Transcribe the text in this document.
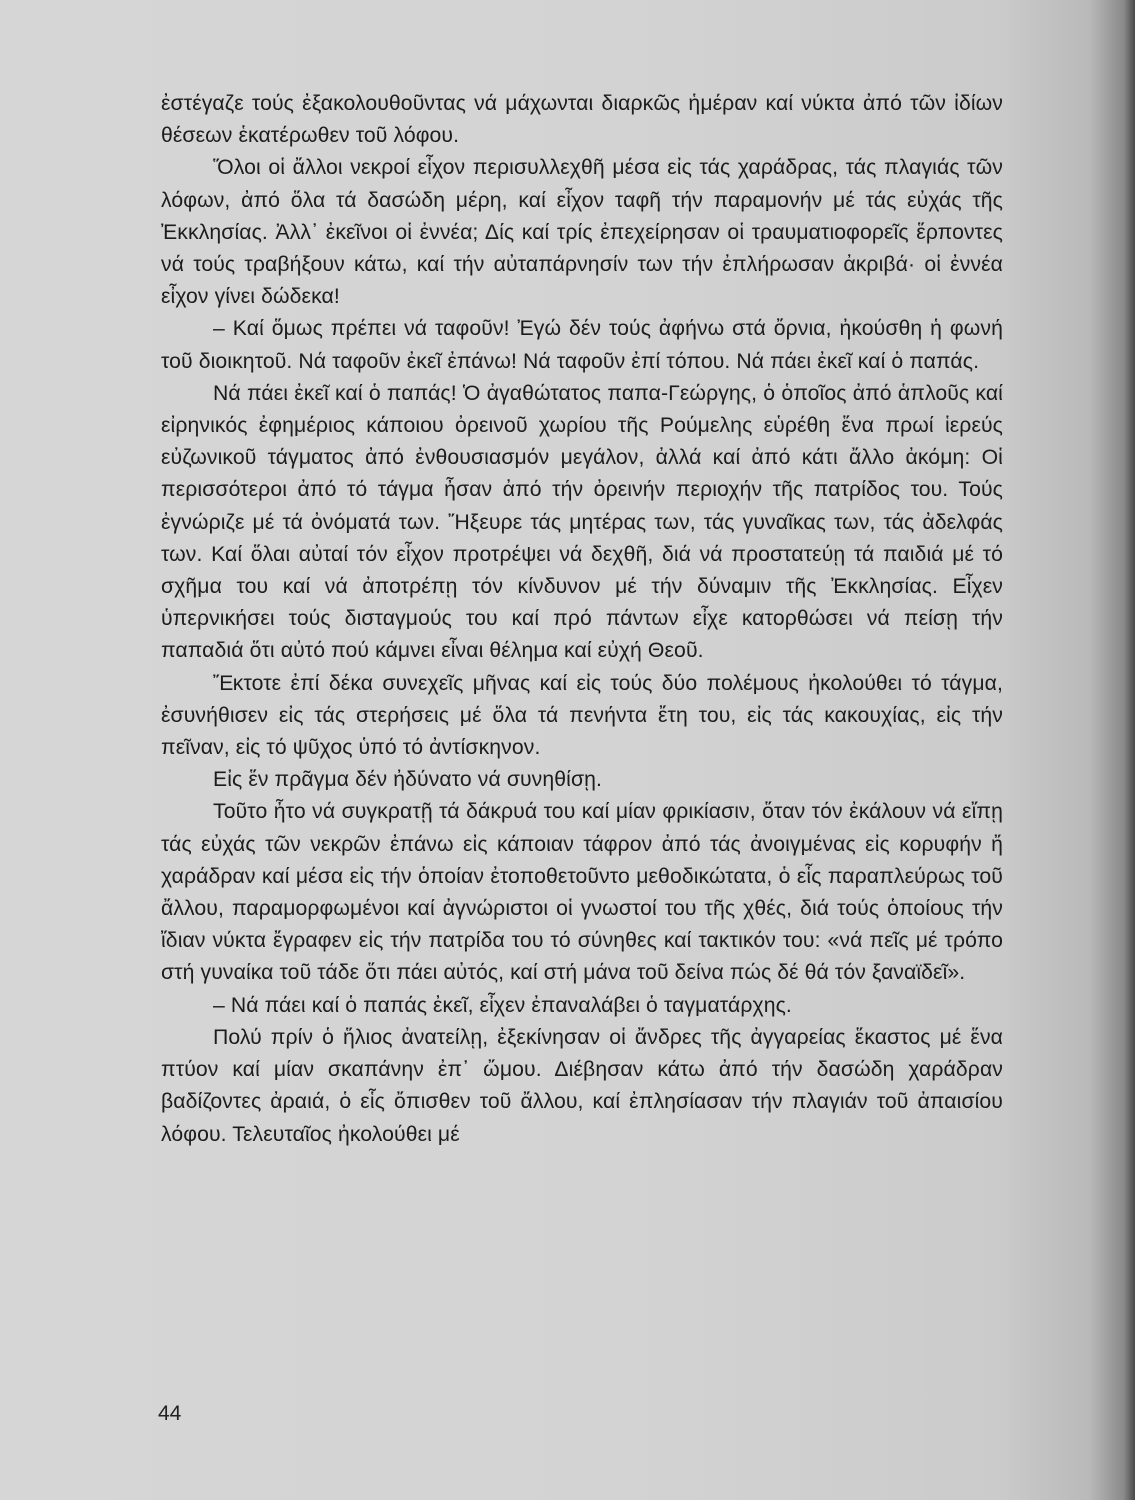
ἐστέγαζε τούς ἐξακολουθοῦντας νά μάχωνται διαρκῶς ἡμέραν καί νύκτα ἀπό τῶν ἰδίων θέσεων ἑκατέρωθεν τοῦ λόφου.

Ὅλοι οἱ ἄλλοι νεκροί εἶχον περισυλλεχθῆ μέσα εἰς τάς χαράδρας, τάς πλαγιάς τῶν λόφων, ἀπό ὅλα τά δασώδη μέρη, καί εἶχον ταφῆ τήν παραμονήν μέ τάς εὐχάς τῆς Ἐκκλησίας. Ἀλλ᾽ ἐκεῖνοι οἱ ἐννέα; Δίς καί τρίς ἐπεχείρησαν οἱ τραυματιοφορεῖς ἕρποντες νά τούς τραβήξουν κάτω, καί τήν αὐταπάρνησίν των τήν ἐπλήρωσαν ἀκριβά· οἱ ἐννέα εἶχον γίνει δώδεκα!

– Καί ὅμως πρέπει νά ταφοῦν! Ἐγώ δέν τούς ἀφήνω στά ὄρνια, ἠκούσθη ἡ φωνή τοῦ διοικητοῦ. Νά ταφοῦν ἐκεῖ ἐπάνω! Νά ταφοῦν ἐπί τόπου. Νά πάει ἐκεῖ καί ὁ παπάς.

Νά πάει ἐκεῖ καί ὁ παπάς! Ὁ ἀγαθώτατος παπα-Γεώργης, ὁ ὁποῖος ἀπό ἁπλοῦς καί εἰρηνικός ἐφημέριος κάποιου ὀρεινοῦ χωρίου τῆς Ρούμελης εὑρέθη ἕνα πρωί ἱερεύς εὐζωνικοῦ τάγματος ἀπό ἐνθουσιασμόν μεγάλον, ἀλλά καί ἀπό κάτι ἄλλο ἀκόμη: Οἱ περισσότεροι ἀπό τό τάγμα ἦσαν ἀπό τήν ὀρεινήν περιοχήν τῆς πατρίδος του. Τούς ἐγνώριζε μέ τά ὀνόματά των. Ἤξευρε τάς μητέρας των, τάς γυναῖκας των, τάς ἀδελφάς των. Καί ὅλαι αὐταί τόν εἶχον προτρέψει νά δεχθῆ, διά νά προστατεύῃ τά παιδιά μέ τό σχῆμα του καί νά ἀποτρέπῃ τόν κίνδυνον μέ τήν δύναμιν τῆς Ἐκκλησίας. Εἶχεν ὑπερνικήσει τούς δισταγμούς του καί πρό πάντων εἶχε κατορθώσει νά πείσῃ τήν παπαδιά ὅτι αὐτό πού κάμνει εἶναι θέλημα καί εὐχή Θεοῦ.

Ἔκτοτε ἐπί δέκα συνεχεῖς μῆνας καί εἰς τούς δύο πολέμους ἠκολούθει τό τάγμα, ἐσυνήθισεν εἰς τάς στερήσεις μέ ὅλα τά πενήντα ἔτη του, εἰς τάς κακουχίας, εἰς τήν πεῖναν, εἰς τό ψῦχος ὑπό τό ἀντίσκηνον.

Εἰς ἕν πρᾶγμα δέν ἠδύνατο νά συνηθίσῃ.

Τοῦτο ἦτο νά συγκρατῇ τά δάκρυά του καί μίαν φρικίασιν, ὅταν τόν ἐκάλουν νά εἴπῃ τάς εὐχάς τῶν νεκρῶν ἐπάνω εἰς κάποιαν τάφρον ἀπό τάς ἀνοιγμένας εἰς κορυφήν ἤ χαράδραν καί μέσα εἰς τήν ὁποίαν ἐτοποθετοῦντο μεθοδικώτατα, ὁ εἷς παραπλεύρως τοῦ ἄλλου, παραμορφωμένοι καί ἀγνώριστοι οἱ γνωστοί του τῆς χθές, διά τούς ὁποίους τήν ἴδιαν νύκτα ἔγραφεν εἰς τήν πατρίδα του τό σύνηθες καί τακτικόν του: «νά πεῖς μέ τρόπο στή γυναίκα τοῦ τάδε ὅτι πάει αὐτός, καί στή μάνα τοῦ δείνα πώς δέ θά τόν ξαναϊδεῖ».

– Νά πάει καί ὁ παπάς ἐκεῖ, εἶχεν ἐπαναλάβει ὁ ταγματάρχης.

Πολύ πρίν ὁ ἥλιος ἀνατείλῃ, ἐξεκίνησαν οἱ ἄνδρες τῆς ἀγγαρείας ἕκαστος μέ ἕνα πτύον καί μίαν σκαπάνην ἐπ᾽ ὤμου. Διέβησαν κάτω ἀπό τήν δασώδη χαράδραν βαδίζοντες ἀραιά, ὁ εἷς ὄπισθεν τοῦ ἄλλου, καί ἐπλησίασαν τήν πλαγιάν τοῦ ἀπαισίου λόφου. Τελευταῖος ἠκολούθει μέ

44
